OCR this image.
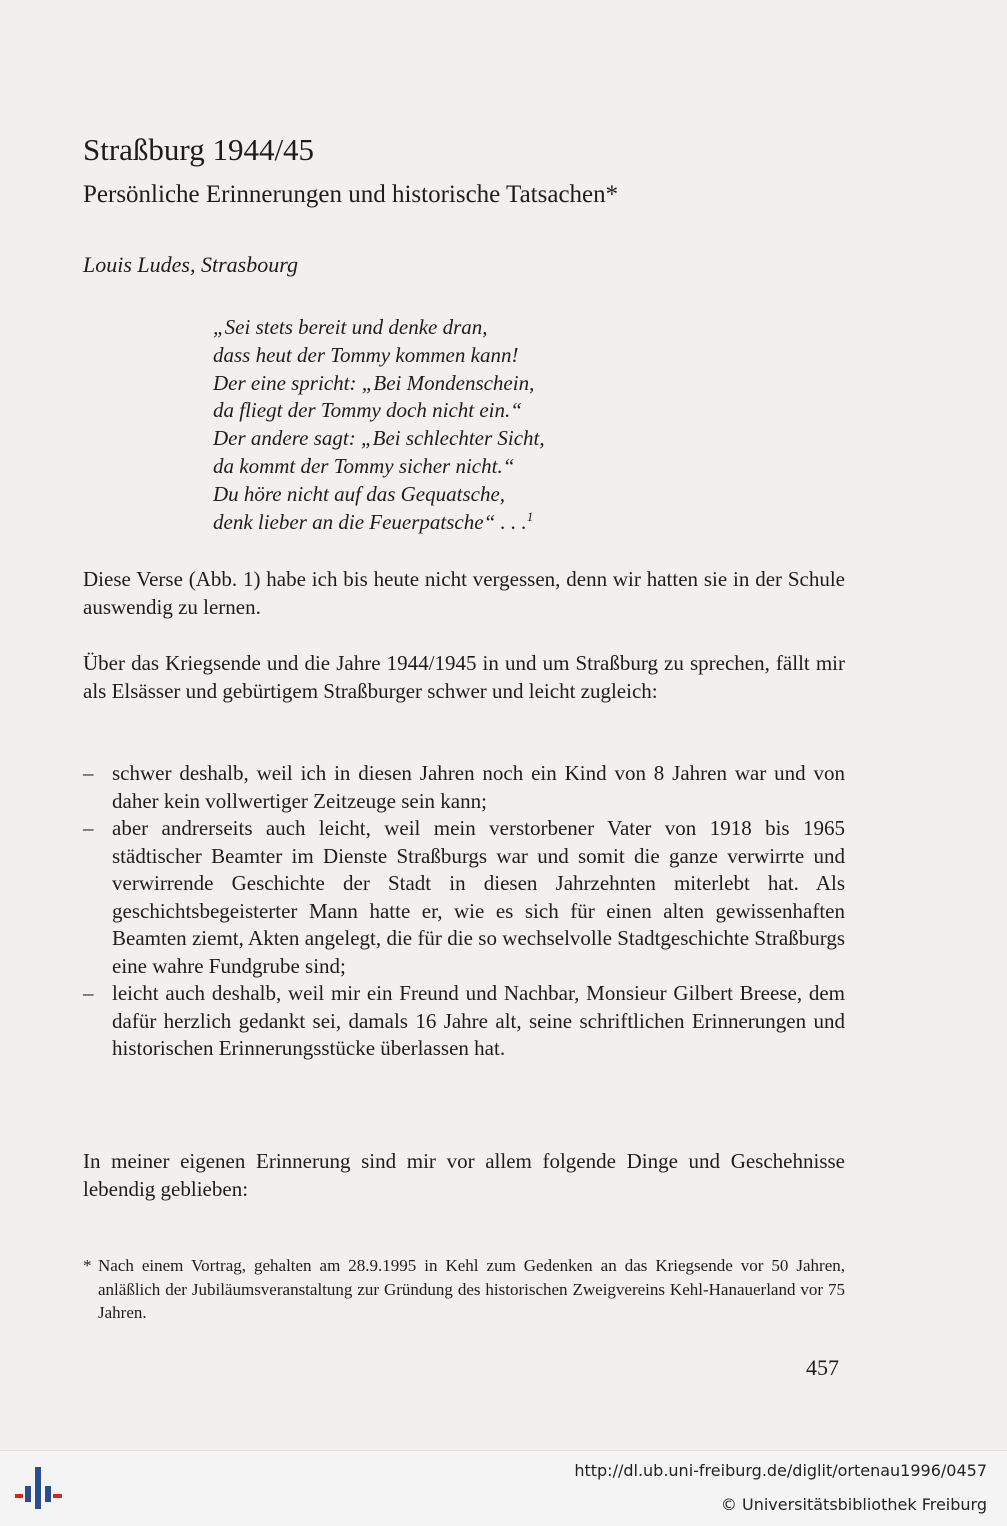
Straßburg 1944/45
Persönliche Erinnerungen und historische Tatsachen*
Louis Ludes, Strasbourg
„Sei stets bereit und denke dran,
dass heut der Tommy kommen kann!
Der eine spricht: „Bei Mondenschein,
da fliegt der Tommy doch nicht ein.“
Der andere sagt: „Bei schlechter Sicht,
da kommt der Tommy sicher nicht.“
Du höre nicht auf das Gequatsche,
denk lieber an die Feuerpatsche“ . . .$^1$
Diese Verse (Abb. 1) habe ich bis heute nicht vergessen, denn wir hatten sie in der Schule auswendig zu lernen.
Über das Kriegsende und die Jahre 1944/1945 in und um Straßburg zu sprechen, fällt mir als Elsässer und gebürtigem Straßburger schwer und leicht zugleich:
– schwer deshalb, weil ich in diesen Jahren noch ein Kind von 8 Jahren war und von daher kein vollwertiger Zeitzeuge sein kann;
– aber andrerseits auch leicht, weil mein verstorbener Vater von 1918 bis 1965 städtischer Beamter im Dienste Straßburgs war und somit die ganze verwirrte und verwirrende Geschichte der Stadt in diesen Jahrzehnten miterlebt hat. Als geschichtsbegeisterter Mann hatte er, wie es sich für einen alten gewissenhaften Beamten ziemt, Akten angelegt, die für die so wechselvolle Stadtgeschichte Straßburgs eine wahre Fundgrube sind;
– leicht auch deshalb, weil mir ein Freund und Nachbar, Monsieur Gilbert Breese, dem dafür herzlich gedankt sei, damals 16 Jahre alt, seine schriftlichen Erinnerungen und historischen Erinnerungsstücke überlassen hat.
In meiner eigenen Erinnerung sind mir vor allem folgende Dinge und Geschehnisse lebendig geblieben:
* Nach einem Vortrag, gehalten am 28.9.1995 in Kehl zum Gedenken an das Kriegsende vor 50 Jahren, anläßlich der Jubiläumsveranstaltung zur Gründung des historischen Zweigvereins Kehl-Hanauerland vor 75 Jahren.
457
http://dl.ub.uni-freiburg.de/diglit/ortenau1996/0457
© Universitätsbibliothek Freiburg
